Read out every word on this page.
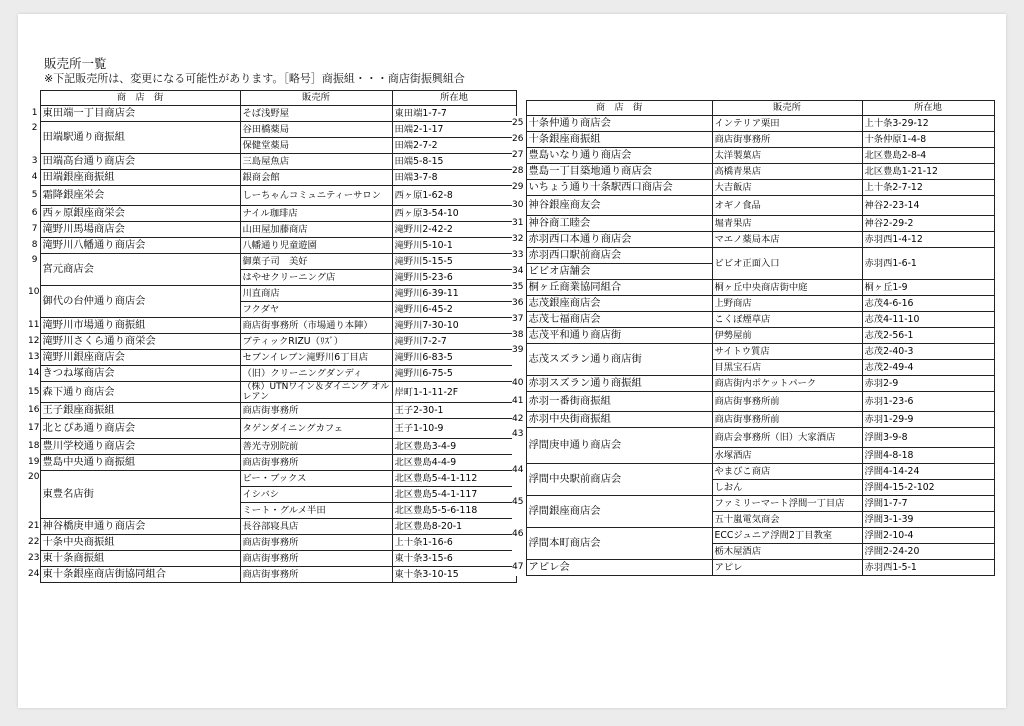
販売所一覧
※下記販売所は、変更になる可能性があります。［略号］商振組・・・商店街振興組合
	商　店　街	販売所	所在地
1	東田端一丁目商店会	そば浅野屋	東田端1-7-7
2	田端駅通り商振組	谷田橋薬局	田端2-1-17
		保健堂薬局	田端2-7-2
3	田端高台通り商店会	三島屋魚店	田端5-8-15
4	田端銀座商振組	銀商会館	田端3-7-8
5	霜降銀座栄会	しーちゃんコミュニティーサロン	西ヶ原1-62-8
6	西ヶ原銀座商栄会	ナイル珈琲店	西ヶ原3-54-10
7	滝野川馬場商店会	山田屋加藤商店	滝野川2-42-2
8	滝野川八幡通り商店会	八幡通り児童遊園	滝野川5-10-1
9	宮元商店会	御菓子司　美好	滝野川5-15-5
		はやせクリーニング店	滝野川5-23-6
10	御代の台仲通り商店会	川直商店	滝野川6-39-11
		フクダヤ	滝野川6-45-2
11	滝野川市場通り商振組	商店街事務所（市場通り本陣）	滝野川7-30-10
12	滝野川さくら通り商栄会	ブティックRIZU（ﾘｽﾞ）	滝野川7-2-7
13	滝野川銀座商店会	セブンイレブン滝野川6丁目店	滝野川6-83-5
14	きつね塚商店会	（旧）クリーニングダンディ	滝野川6-75-5
15	森下通り商店会	（株）UTNワイン＆ダイニング オルレアン	岸町1-1-11-2F
16	王子銀座商振組	商店街事務所	王子2-30-1
17	北とぴあ通り商店会	タゲンダイニングカフェ	王子1-10-9
18	豊川学校通り商店会	善光寺別院前	北区豊島3-4-9
19	豊島中央通り商振組	商店街事務所	北区豊島4-4-9
20	東豊名店街	ビー・ブックス	北区豊島5-4-1-112
		イシバシ	北区豊島5-4-1-117
		ミート・グルメ半田	北区豊島5-5-6-118
21	神谷橋庚申通り商店会	長谷部寝具店	北区豊島8-20-1
22	十条中央商振組	商店街事務所	上十条1-16-6
23	東十条商振組	商店街事務所	東十条3-15-6
24	東十条銀座商店街協同組合	商店街事務所	東十条3-10-15
	商　店　街	販売所	所在地
25	十条仲通り商店会	インテリア栗田	上十条3-29-12
26	十条銀座商振組	商店街事務所	十条仲原1-4-8
27	豊島いなり通り商店会	太洋製菓店	北区豊島2-8-4
28	豊島一丁目築地通り商店会	高橋青果店	北区豊島1-21-12
29	いちょう通り十条駅西口商店会	大吉飯店	上十条2-7-12
30	神谷銀座商友会	オギノ食品	神谷2-23-14
31	神谷商工睦会	堀青果店	神谷2-29-2
32	赤羽西口本通り商店会	マエノ薬局本店	赤羽西1-4-12
33	赤羽西口駅前商店会	ビビオ正面入口	赤羽西1-6-1
34	ビビオ店舗会		
35	桐ヶ丘商業協同組合	桐ヶ丘中央商店街中庭	桐ヶ丘1-9
36	志茂銀座商店会	上野商店	志茂4-6-16
37	志茂七福商店会	こくぼ煙草店	志茂4-11-10
38	志茂平和通り商店街	伊勢屋前	志茂2-56-1
39	志茂スズラン通り商店街	サイトウ質店	志茂2-40-3
		目黒宝石店	志茂2-49-4
40	赤羽スズラン通り商振組	商店街内ポケットパーク	赤羽2-9
41	赤羽一番街商振組	商店街事務所前	赤羽1-23-6
42	赤羽中央街商振組	商店街事務所前	赤羽1-29-9
43	浮間庚申通り商店会	商店会事務所（旧）大家酒店	浮間3-9-8
		水塚酒店	浮間4-8-18
44	浮間中央駅前商店会	やまびこ商店	浮間4-14-24
		しおん	浮間4-15-2-102
45	浮間銀座商店会	ファミリーマート浮間一丁目店	浮間1-7-7
		五十嵐電気商会	浮間3-1-39
46	浮間本町商店会	ECCジュニア浮間2丁目教室	浮間2-10-4
		栃木屋酒店	浮間2-24-20
47	アピレ会	アピレ	赤羽西1-5-1
